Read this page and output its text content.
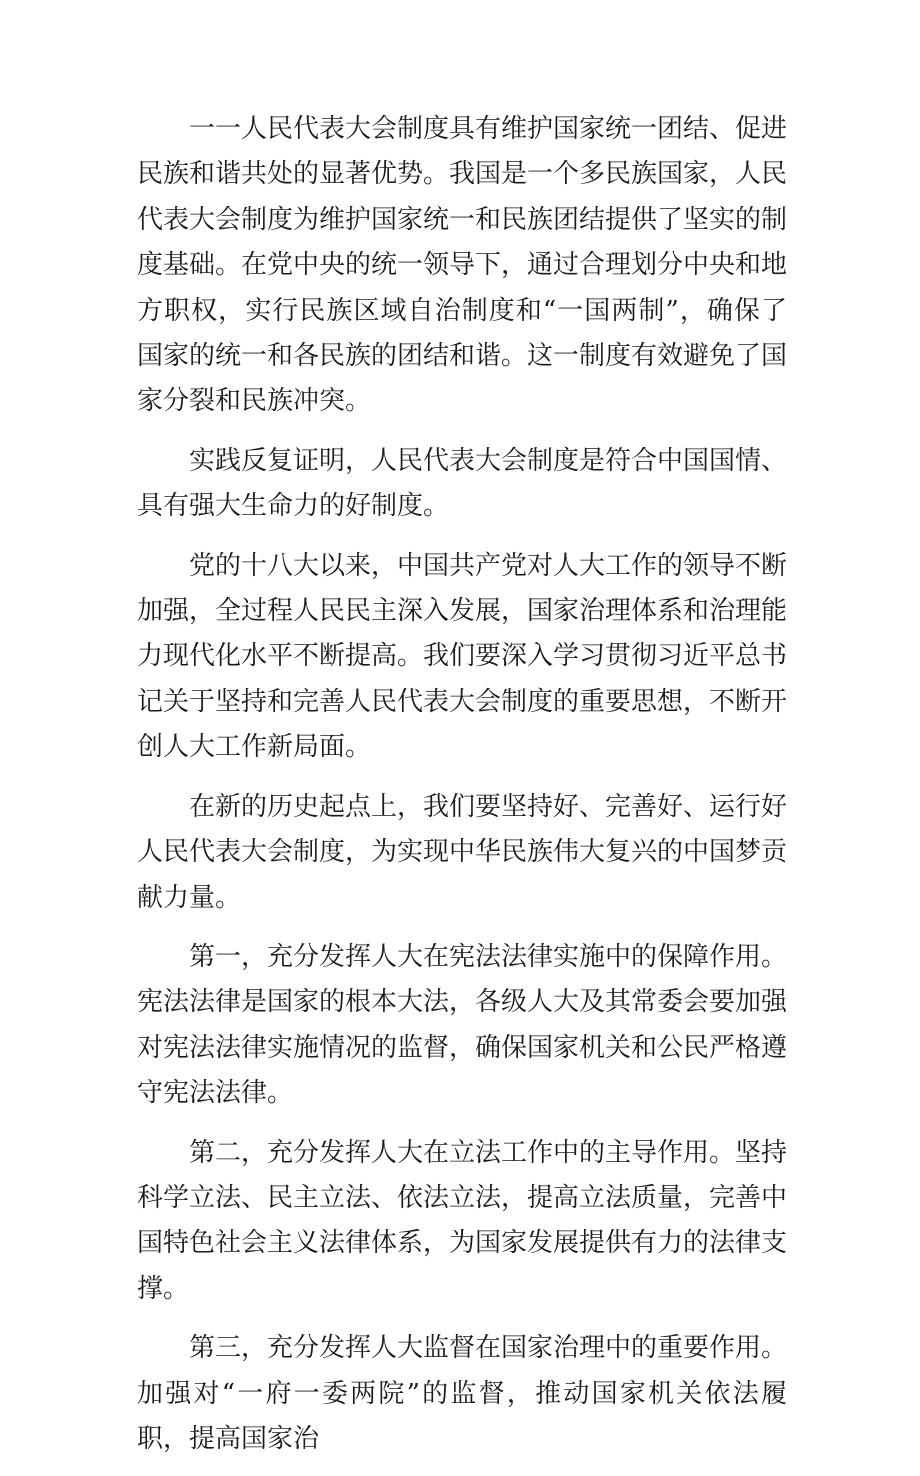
一一人民代表大会制度具有维护国家统一团结、促进民族和谐共处的显著优势。我国是一个多民族国家，人民代表大会制度为维护国家统一和民族团结提供了坚实的制度基础。在党中央的统一领导下，通过合理划分中央和地方职权，实行民族区域自治制度和“一国两制”，确保了国家的统一和各民族的团结和谐。这一制度有效避免了国家分裂和民族冲突。

实践反复证明，人民代表大会制度是符合中国国情、具有强大生命力的好制度。

党的十八大以来，中国共产党对人大工作的领导不断加强，全过程人民民主深入发展，国家治理体系和治理能力现代化水平不断提高。我们要深入学习贯彻习近平总书记关于坚持和完善人民代表大会制度的重要思想，不断开创人大工作新局面。

在新的历史起点上，我们要坚持好、完善好、运行好人民代表大会制度，为实现中华民族伟大复兴的中国梦贡献力量。

第一，充分发挥人大在宪法法律实施中的保障作用。宪法法律是国家的根本大法，各级人大及其常委会要加强对宪法法律实施情况的监督，确保国家机关和公民严格遵守宪法法律。

第二，充分发挥人大在立法工作中的主导作用。坚持科学立法、民主立法、依法立法，提高立法质量，完善中国特色社会主义法律体系，为国家发展提供有力的法律支撑。

第三，充分发挥人大监督在国家治理中的重要作用。加强对“一府一委两院”的监督，推动国家机关依法履职，提高国家治
